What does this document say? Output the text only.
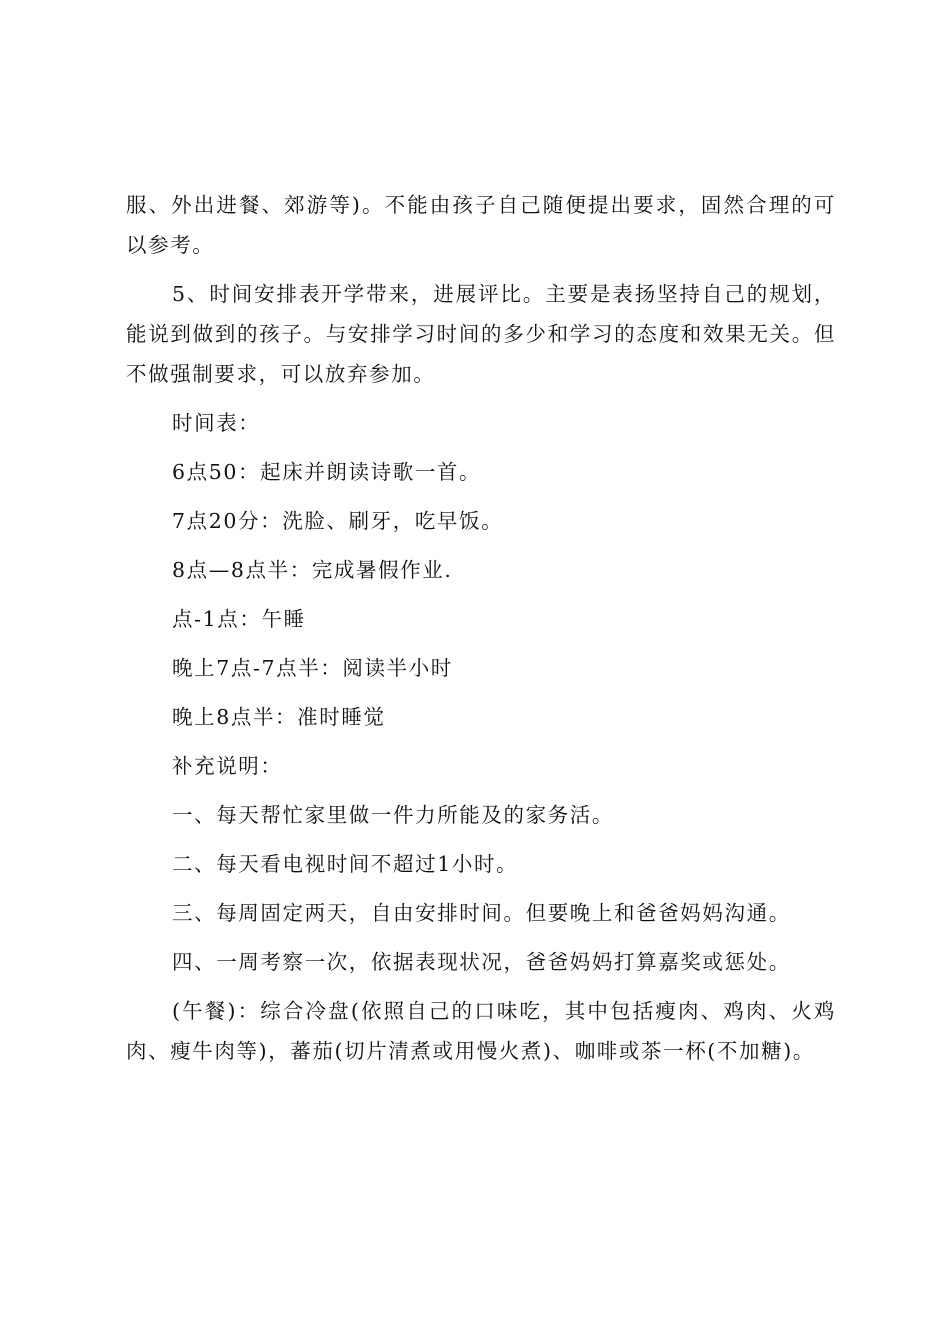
服、外出进餐、郊游等)。不能由孩子自己随便提出要求，固然合理的可以参考。

5、时间安排表开学带来，进展评比。主要是表扬坚持自己的规划，能说到做到的孩子。与安排学习时间的多少和学习的态度和效果无关。但不做强制要求，可以放弃参加。

时间表：
6点50：起床并朗读诗歌一首。
7点20分：洗脸、刷牙，吃早饭。
8点—8点半：完成暑假作业.
点-1点：午睡
晚上7点-7点半：阅读半小时
晚上8点半：准时睡觉
补充说明：
一、每天帮忙家里做一件力所能及的家务活。
二、每天看电视时间不超过1小时。
三、每周固定两天，自由安排时间。但要晚上和爸爸妈妈沟通。
四、一周考察一次，依据表现状况，爸爸妈妈打算嘉奖或惩处。

(午餐)：综合冷盘(依照自己的口味吃，其中包括瘦肉、鸡肉、火鸡肉、瘦牛肉等)，蕃茄(切片清煮或用慢火煮)、咖啡或茶一杯(不加糖)。
